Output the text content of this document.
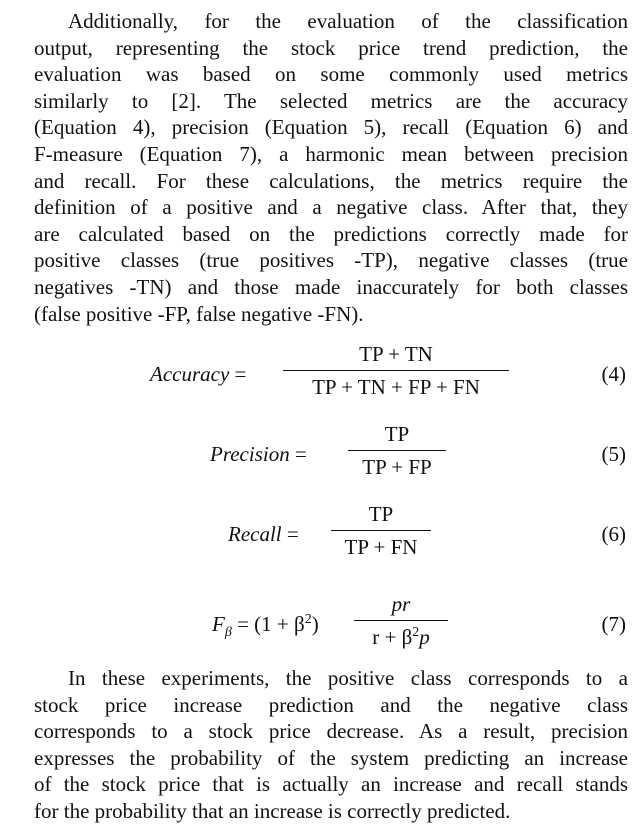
Additionally, for the evaluation of the classification
output, representing the stock price trend prediction, the
evaluation was based on some commonly used metrics
similarly to [2]. The selected metrics are the accuracy
(Equation 4), precision (Equation 5), recall (Equation 6) and
F-measure (Equation 7), a harmonic mean between precision
and recall. For these calculations, the metrics require the
definition of a positive and a negative class. After that, they
are calculated based on the predictions correctly made for
positive classes (true positives -TP), negative classes (true
negatives -TN) and those made inaccurately for both classes
(false positive -FP, false negative -FN).
Accuracy =
TP + TN
TP + TN + FP + FN
(4)
Precision =
TP
TP + FP
(5)
Recall =
TP
TP + FN
(6)
$F_\beta = (1 + \beta^2)$
pr
$r + \beta^2p$
(7)
In these experiments, the positive class corresponds to a
stock price increase prediction and the negative class
corresponds to a stock price decrease. As a result, precision
expresses the probability of the system predicting an increase
of the stock price that is actually an increase and recall stands
for the probability that an increase is correctly predicted.
